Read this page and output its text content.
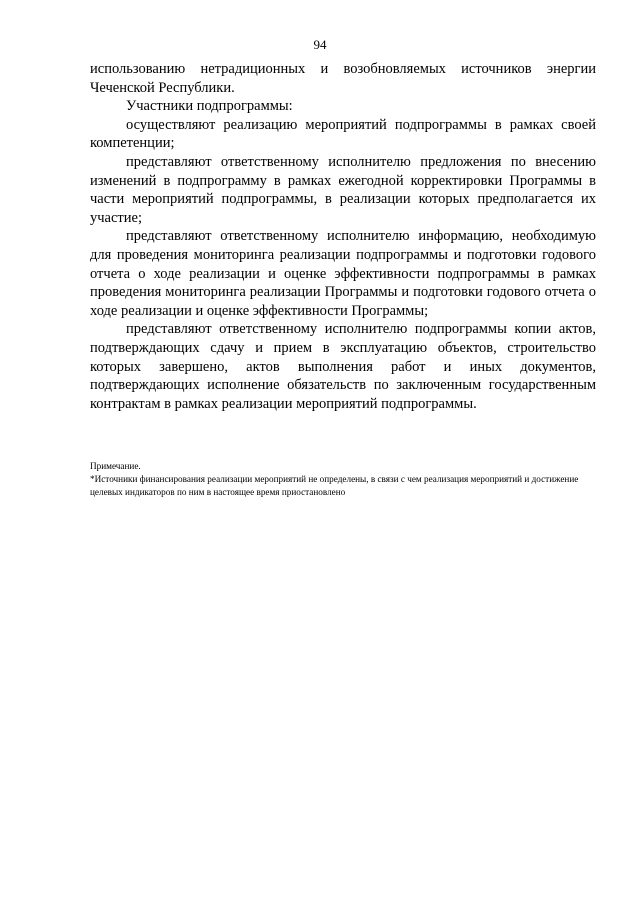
94

использованию нетрадиционных и возобновляемых источников энергии Чеченской Республики.

Участники подпрограммы:

осуществляют реализацию мероприятий подпрограммы в рамках своей компетенции;

представляют ответственному исполнителю предложения по внесению изменений в подпрограмму в рамках ежегодной корректировки Программы в части мероприятий подпрограммы, в реализации которых предполагается их участие;

представляют ответственному исполнителю информацию, необходимую для проведения мониторинга реализации подпрограммы и подготовки годового отчета о ходе реализации и оценке эффективности подпрограммы в рамках проведения мониторинга реализации Программы и подготовки годового отчета о ходе реализации и оценке эффективности Программы;

представляют ответственному исполнителю подпрограммы копии актов, подтверждающих сдачу и прием в эксплуатацию объектов, строительство которых завершено, актов выполнения работ и иных документов, подтверждающих исполнение обязательств по заключенным государственным контрактам в рамках реализации мероприятий подпрограммы.

Примечание.

*Источники финансирования реализации мероприятий не определены, в связи с чем реализация мероприятий и достижение целевых индикаторов по ним в настоящее время приостановлено
